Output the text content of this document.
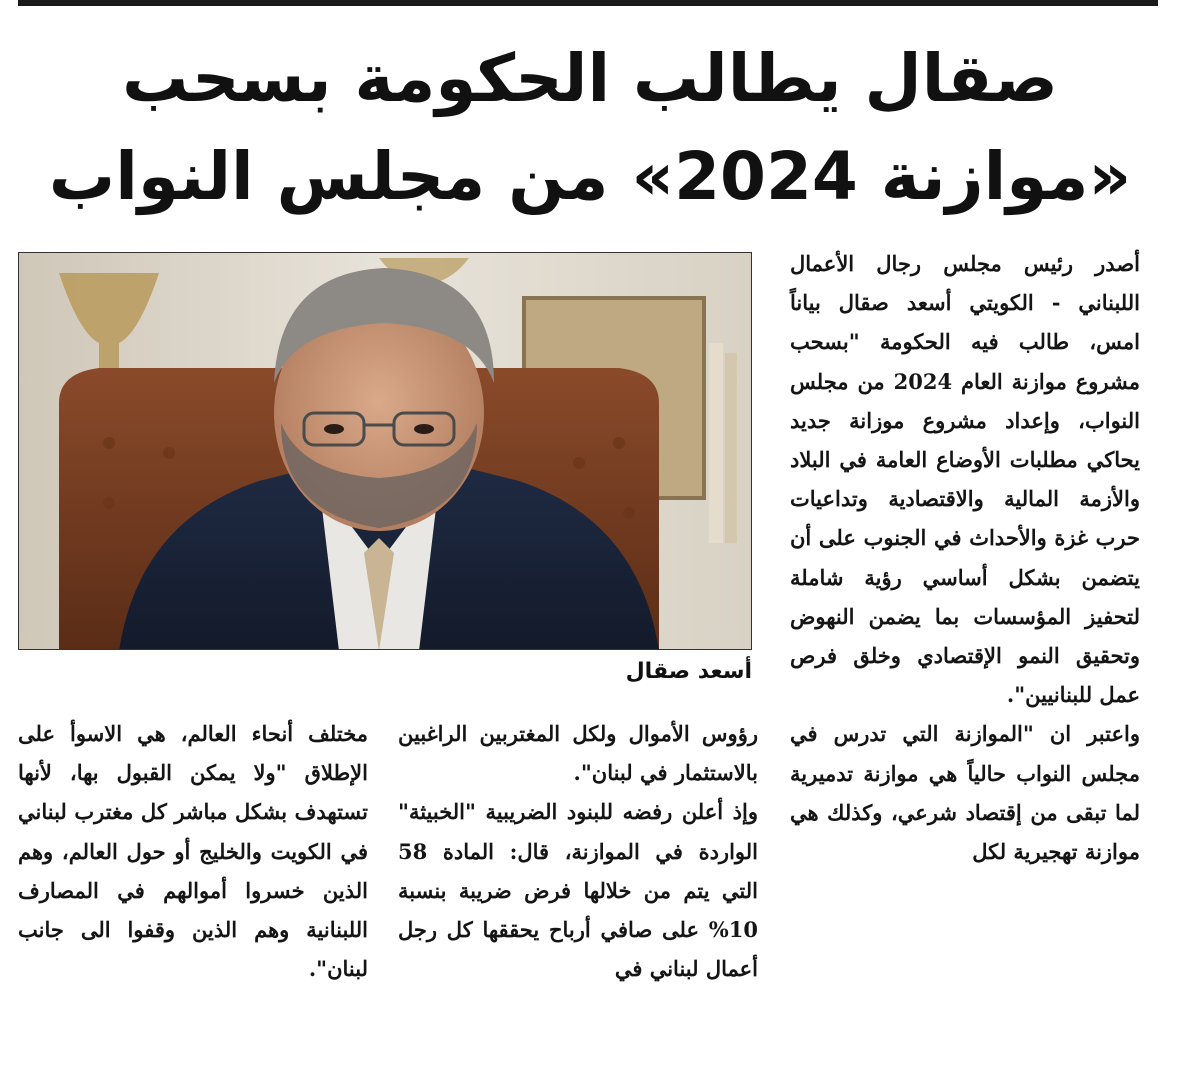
صقال يطالب الحكومة بسحب
«موازنة 2024» من مجلس النواب
أسعد صقال

أصدر رئيس مجلس رجال الأعمال اللبناني - الكويتي أسعد صقال بياناً امس، طالب فيه الحكومة "بسحب مشروع موازنة العام 2024 من مجلس النواب، وإعداد مشروع موزانة جديد يحاكي مطلبات الأوضاع العامة في البلاد والأزمة المالية والاقتصادية وتداعيات حرب غزة والأحداث في الجنوب على أن يتضمن بشكل أساسي رؤية شاملة لتحفيز المؤسسات بما يضمن النهوض وتحقيق النمو الإقتصادي وخلق فرص عمل للبنانيين".

واعتبر ان "الموازنة التي تدرس في مجلس النواب حالياً هي موازنة تدميرية لما تبقى من إقتصاد شرعي، وكذلك هي موازنة تهجيرية لكل

رؤوس الأموال ولكل المغتربين الراغبين بالاستثمار في لبنان".

وإذ أعلن رفضه للبنود الضريبية "الخبيثة" الواردة في الموازنة، قال: المادة 58 التي يتم من خلالها فرض ضريبة بنسبة 10% على صافي أرباح يحققها كل رجل أعمال لبناني في

مختلف أنحاء العالم، هي الاسوأ على الإطلاق "ولا يمكن القبول بها، لأنها تستهدف بشكل مباشر كل مغترب لبناني في الكويت والخليج أو حول العالم، وهم الذين خسروا أموالهم في المصارف اللبنانية وهم الذين وقفوا الى جانب لبنان".
